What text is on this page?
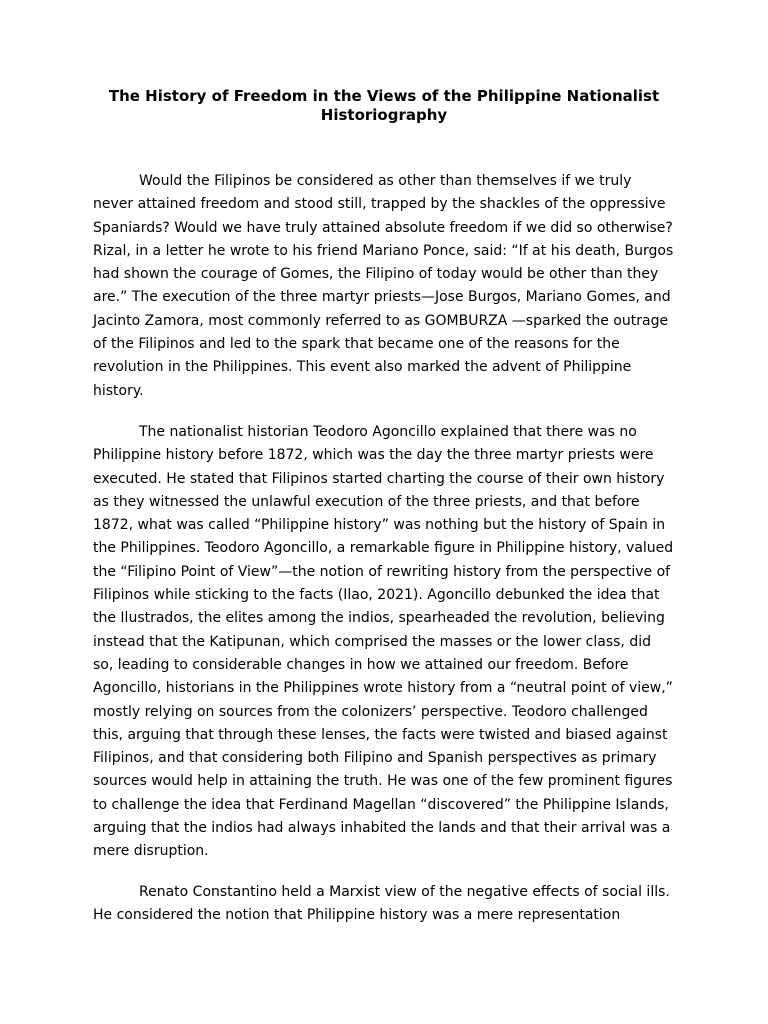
The History of Freedom in the Views of the Philippine Nationalist Historiography

Would the Filipinos be considered as other than themselves if we truly never attained freedom and stood still, trapped by the shackles of the oppressive Spaniards? Would we have truly attained absolute freedom if we did so otherwise? Rizal, in a letter he wrote to his friend Mariano Ponce, said: “If at his death, Burgos had shown the courage of Gomes, the Filipino of today would be other than they are.” The execution of the three martyr priests—Jose Burgos, Mariano Gomes, and Jacinto Zamora, most commonly referred to as GOMBURZA —sparked the outrage of the Filipinos and led to the spark that became one of the reasons for the revolution in the Philippines. This event also marked the advent of Philippine history.

The nationalist historian Teodoro Agoncillo explained that there was no Philippine history before 1872, which was the day the three martyr priests were executed. He stated that Filipinos started charting the course of their own history as they witnessed the unlawful execution of the three priests, and that before 1872, what was called “Philippine history” was nothing but the history of Spain in the Philippines. Teodoro Agoncillo, a remarkable figure in Philippine history, valued the “Filipino Point of View”—the notion of rewriting history from the perspective of Filipinos while sticking to the facts (Ilao, 2021). Agoncillo debunked the idea that the Ilustrados, the elites among the indios, spearheaded the revolution, believing instead that the Katipunan, which comprised the masses or the lower class, did so, leading to considerable changes in how we attained our freedom. Before Agoncillo, historians in the Philippines wrote history from a “neutral point of view,” mostly relying on sources from the colonizers’ perspective. Teodoro challenged this, arguing that through these lenses, the facts were twisted and biased against Filipinos, and that considering both Filipino and Spanish perspectives as primary sources would help in attaining the truth. He was one of the few prominent figures to challenge the idea that Ferdinand Magellan “discovered” the Philippine Islands, arguing that the indios had always inhabited the lands and that their arrival was a mere disruption.

Renato Constantino held a Marxist view of the negative effects of social ills. He considered the notion that Philippine history was a mere representation
